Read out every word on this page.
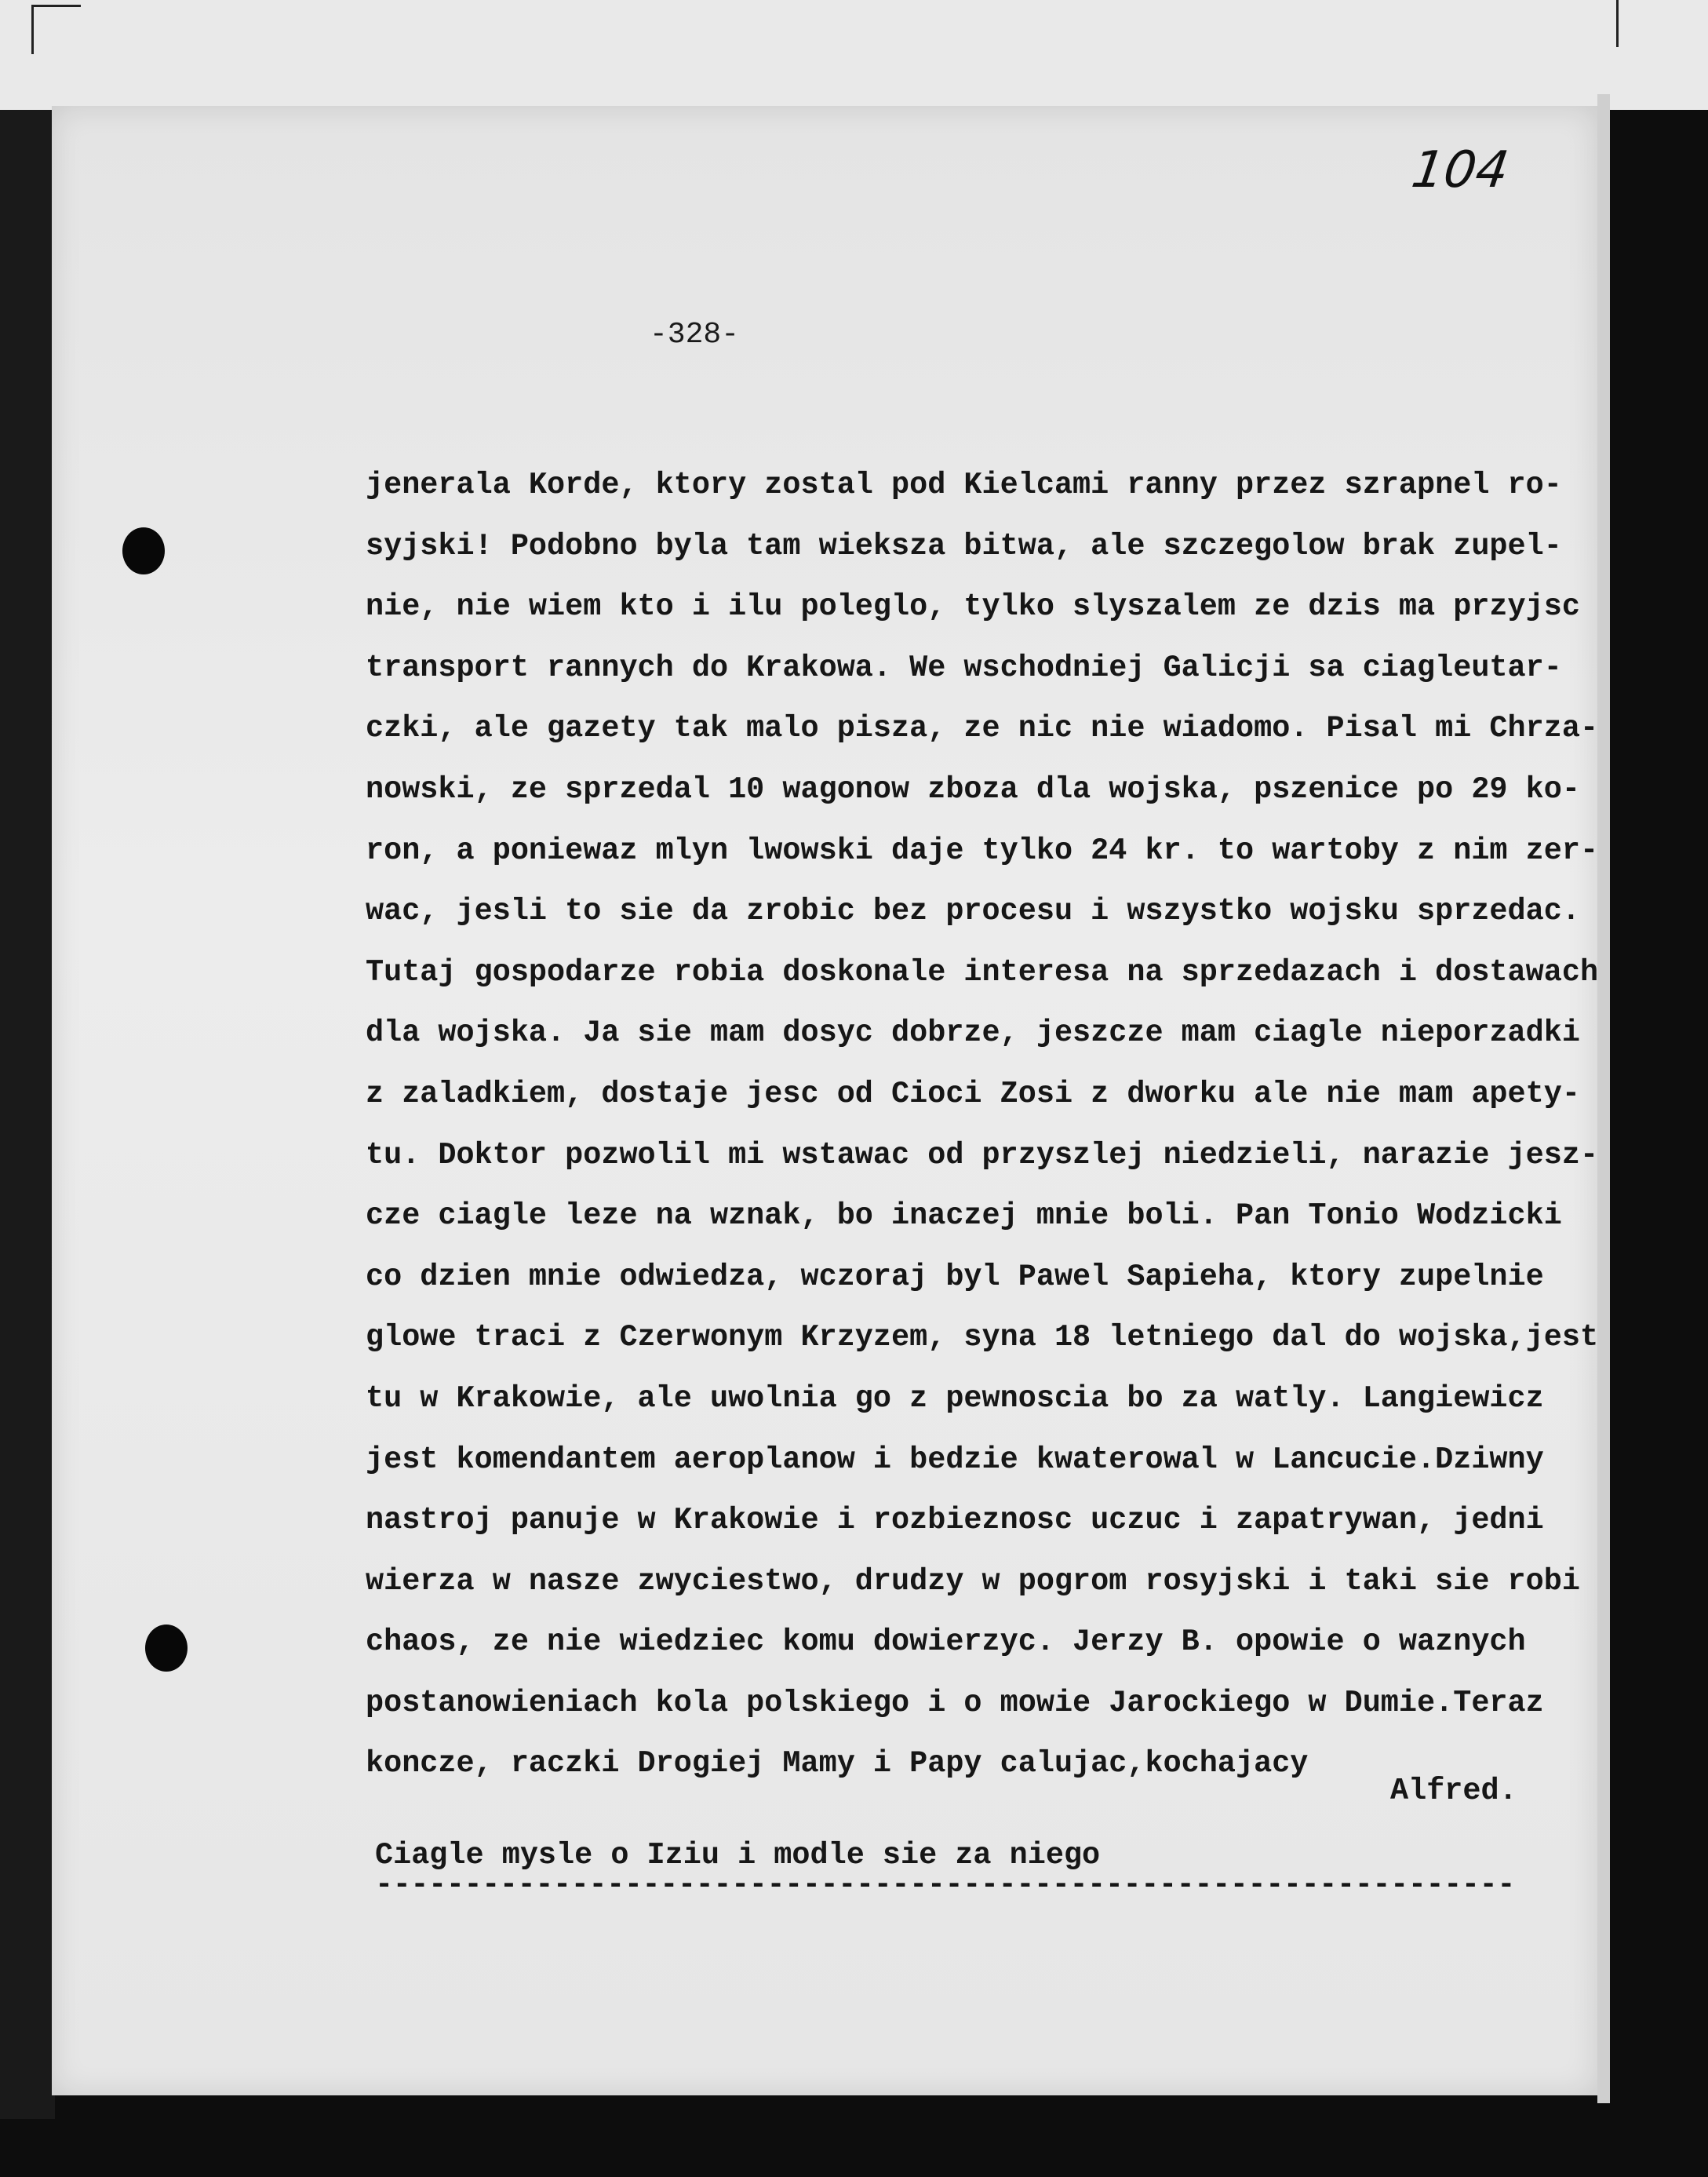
104
-328-
jenerala Korde, ktory zostal pod Kielcami ranny przez szrapnel ro-
syjski! Podobno byla tam wieksza bitwa, ale szczegolow brak zupel-
nie, nie wiem kto i ilu poleglo, tylko slyszalem ze dzis ma przyjsc
transport rannych do Krakowa. We wschodniej Galicji sa ciagleutar-
czki, ale gazety tak malo pisza, ze nic nie wiadomo. Pisal mi Chrza-
nowski, ze sprzedal 10 wagonow zboza dla wojska, pszenice po 29 ko-
ron, a poniewaz mlyn lwowski daje tylko 24 kr. to wartoby z nim zer-
wac, jesli to sie da zrobic bez procesu i wszystko wojsku sprzedac.
Tutaj gospodarze robia doskonale interesa na sprzedazach i dostawach
dla wojska. Ja sie mam dosyc dobrze, jeszcze mam ciagle nieporzadki
z zaladkiem, dostaje jesc od Cioci Zosi z dworku ale nie mam apety-
tu. Doktor pozwolil mi wstawac od przyszlej niedzieli, narazie jesz-
cze ciagle leze na wznak, bo inaczej mnie boli. Pan Tonio Wodzicki
co dzien mnie odwiedza, wczoraj byl Pawel Sapieha, ktory zupelnie
glowe traci z Czerwonym Krzyzem, syna 18 letniego dal do wojska,jest
tu w Krakowie, ale uwolnia go z pewnoscia bo za watly. Langiewicz
jest komendantem aeroplanow i bedzie kwaterowal w Lancucie.Dziwny
nastroj panuje w Krakowie i rozbieznosc uczuc i zapatrywan, jedni
wierza w nasze zwyciestwo, drudzy w pogrom rosyjski i taki sie robi
chaos, ze nie wiedziec komu dowierzyc. Jerzy B. opowie o waznych
postanowieniach kola polskiego i o mowie Jarockiego w Dumie.Teraz
koncze, raczki Drogiej Mamy i Papy calujac,kochajacy
Alfred.
Ciagle mysle o Iziu i modle sie za niego
----------------------------------------------------------------
